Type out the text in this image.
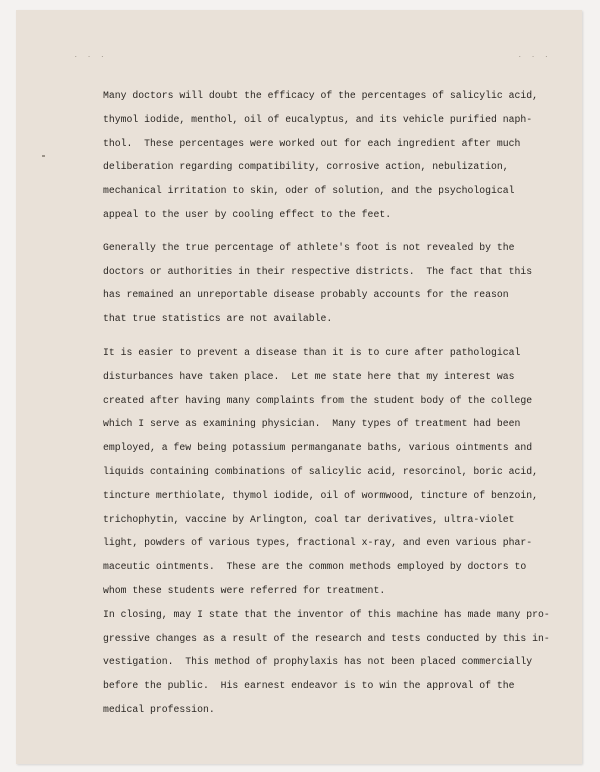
. . .	. . .
Many doctors will doubt the efficacy of the percentages of salicylic acid,
thymol iodide, menthol, oil of eucalyptus, and its vehicle purified naph-
thol.  These percentages were worked out for each ingredient after much
deliberation regarding compatibility, corrosive action, nebulization,
mechanical irritation to skin, oder of solution, and the psychological
appeal to the user by cooling effect to the feet.
Generally the true percentage of athlete's foot is not revealed by the
doctors or authorities in their respective districts.  The fact that this
has remained an unreportable disease probably accounts for the reason
that true statistics are not available.
It is easier to prevent a disease than it is to cure after pathological
disturbances have taken place.  Let me state here that my interest was
created after having many complaints from the student body of the college
which I serve as examining physician.  Many types of treatment had been
employed, a few being potassium permanganate baths, various ointments and
liquids containing combinations of salicylic acid, resorcinol, boric acid,
tincture merthiolate, thymol iodide, oil of wormwood, tincture of benzoin,
trichophytin, vaccine by Arlington, coal tar derivatives, ultra-violet
light, powders of various types, fractional x-ray, and even various phar-
maceutic ointments.  These are the common methods employed by doctors to
whom these students were referred for treatment.
In closing, may I state that the inventor of this machine has made many pro-
gressive changes as a result of the research and tests conducted by this in-
vestigation.  This method of prophylaxis has not been placed commercially
before the public.  His earnest endeavor is to win the approval of the
medical profession.
